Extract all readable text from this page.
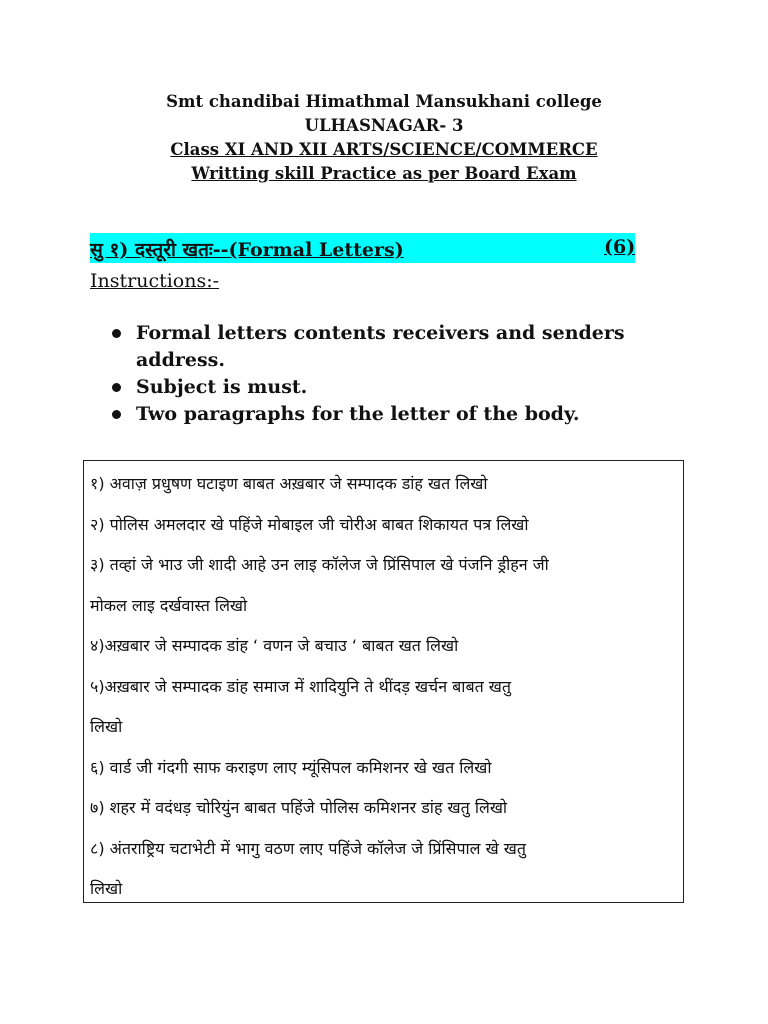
Smt chandibai Himathmal Mansukhani college
ULHASNAGAR- 3
Class XI AND XII ARTS/SCIENCE/COMMERCE
Writting skill Practice as per Board Exam
सु १) दस्तूरी खतः--(Formal Letters)	(6)
Instructions:-
Formal letters contents receivers and senders address.
Subject is must.
Two paragraphs for the letter of the body.
१) अवाज़ प्रधुषण घटाइण बाबत अख़बार जे सम्पादक डांह खत लिखो
२) पोलिस अमलदार खे पहिंजे मोबाइल जी चोरीअ बाबत शिकायत पत्र लिखो
३) तव्हां जे भाउ जी शादी आहे उन लाइ कॉलेज जे प्रिंसिपाल खे पंजनि ड्रीहन जी
मोकल लाइ दर्खवास्त लिखो
४)अख़बार जे सम्पादक डांह ‘ वणन जे बचाउ ‘ बाबत खत लिखो
५)अख़बार जे सम्पादक डांह समाज में शादियुनि ते थींदड़ खर्चन बाबत खतु
लिखो
६) वार्ड जी गंदगी साफ कराइण लाए म्यूंसिपल कमिशनर खे खत लिखो
७) शहर में वदंधड़ चोरियुंन बाबत पहिंजे पोलिस कमिशनर डांह खतु लिखो
८) अंतराष्ट्रिय चटाभेटी में भागु वठण लाए पहिंजे कॉलेज जे प्रिंसिपाल खे खतु
लिखो
